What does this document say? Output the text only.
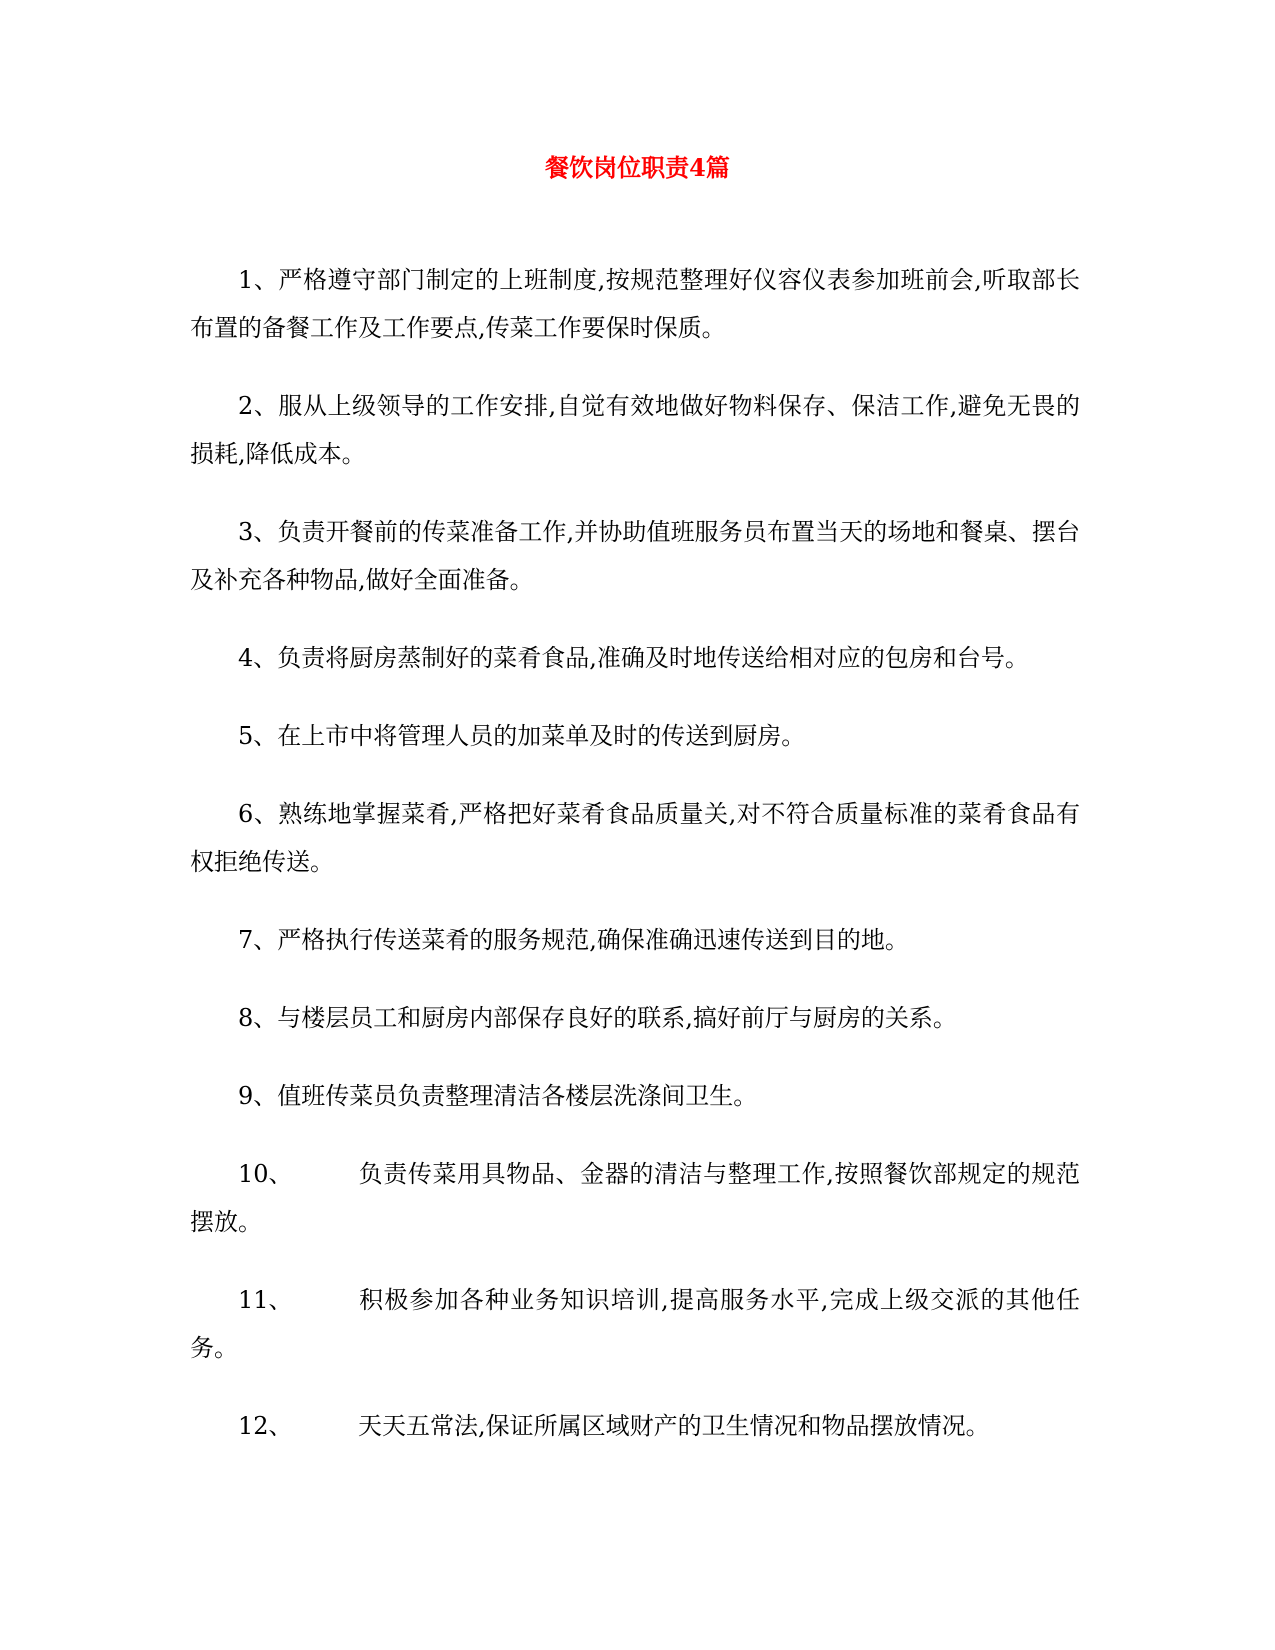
餐饮岗位职责4篇

1、严格遵守部门制定的上班制度,按规范整理好仪容仪表参加班前会,听取部长布置的备餐工作及工作要点,传菜工作要保时保质。

2、服从上级领导的工作安排,自觉有效地做好物料保存、保洁工作,避免无畏的损耗,降低成本。

3、负责开餐前的传菜准备工作,并协助值班服务员布置当天的场地和餐桌、摆台及补充各种物品,做好全面准备。

4、负责将厨房蒸制好的菜肴食品,准确及时地传送给相对应的包房和台号。

5、在上市中将管理人员的加菜单及时的传送到厨房。

6、熟练地掌握菜肴,严格把好菜肴食品质量关,对不符合质量标准的菜肴食品有权拒绝传送。

7、严格执行传送菜肴的服务规范,确保准确迅速传送到目的地。

8、与楼层员工和厨房内部保存良好的联系,搞好前厅与厨房的关系。

9、值班传菜员负责整理清洁各楼层洗涤间卫生。

10、	负责传菜用具物品、金器的清洁与整理工作,按照餐饮部规定的规范摆放。

11、	积极参加各种业务知识培训,提高服务水平,完成上级交派的其他任务。

12、	天天五常法,保证所属区域财产的卫生情况和物品摆放情况。
